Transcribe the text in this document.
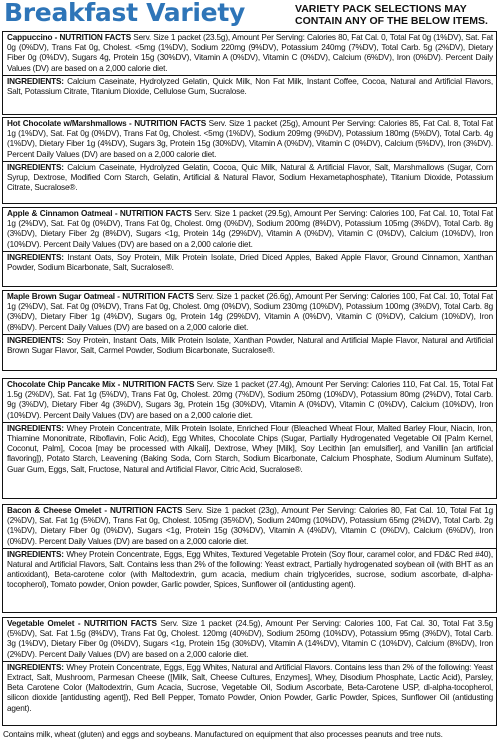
Breakfast Variety	VARIETY PACK SELECTIONS MAY CONTAIN ANY OF THE BELOW ITEMS.
Cappuccino - NUTRITION FACTS Serv. Size 1 packet (23.5g), Amount Per Serving: Calories 80, Fat Cal. 0, Total Fat 0g (1%DV), Sat. Fat 0g (0%DV), Trans Fat 0g, Cholest. <5mg (1%DV), Sodium 220mg (9%DV), Potassium 240mg (7%DV), Total Carb. 5g (2%DV), Dietary Fiber 0g (0%DV), Sugars 4g, Protein 15g (30%DV), Vitamin A (0%DV), Vitamin C (0%DV), Calcium (6%DV), Iron (0%DV). Percent Daily Values (DV) are based on a 2,000 calorie diet.
INGREDIENTS: Calcium Caseinate, Hydrolyzed Gelatin, Quick Milk, Non Fat Milk, Instant Coffee, Cocoa, Natural and Artificial Flavors, Salt, Potassium Citrate, Titanium Dioxide, Cellulose Gum, Sucralose.
Hot Chocolate w/Marshmallows - NUTRITION FACTS Serv. Size 1 packet (25g), Amount Per Serving: Calories 85, Fat Cal. 8, Total Fat 1g (1%DV), Sat. Fat 0g (0%DV), Trans Fat 0g, Cholest. <5mg (1%DV), Sodium 209mg (9%DV), Potassium 180mg (5%DV), Total Carb. 4g (1%DV), Dietary Fiber 1g (4%DV), Sugars 3g, Protein 15g (30%DV), Vitamin A (0%DV), Vitamin C (0%DV), Calcium (5%DV), Iron (3%DV). Percent Daily Values (DV) are based on a 2,000 calorie diet.
INGREDIENTS: Calcium Caseinate, Hydrolyzed Gelatin, Cocoa, Quic Milk, Natural & Artificial Flavor, Salt, Marshmallows (Sugar, Corn Syrup, Dextrose, Modified Corn Starch, Gelatin, Artificial & Natural Flavor, Sodium Hexametaphosphate), Titanium Dioxide, Potassium Citrate, Sucralose®.
Apple & Cinnamon Oatmeal - NUTRITION FACTS Serv. Size 1 packet (29.5g), Amount Per Serving: Calories 100, Fat Cal. 10, Total Fat 1g (2%DV), Sat. Fat 0g (0%DV), Trans Fat 0g, Cholest. 0mg (0%DV), Sodium 200mg (8%DV), Potassium 105mg (3%DV), Total Carb. 8g (3%DV), Dietary Fiber 2g (8%DV), Sugars <1g, Protein 14g (29%DV), Vitamin A (0%DV), Vitamin C (0%DV), Calcium (10%DV), Iron (10%DV). Percent Daily Values (DV) are based on a 2,000 calorie diet.
INGREDIENTS: Instant Oats, Soy Protein, Milk Protein Isolate, Dried Diced Apples, Baked Apple Flavor, Ground Cinnamon, Xanthan Powder, Sodium Bicarbonate, Salt, Sucralose®.
Maple Brown Sugar Oatmeal - NUTRITION FACTS Serv. Size 1 packet (26.6g), Amount Per Serving: Calories 100, Fat Cal. 10, Total Fat 1g (2%DV), Sat. Fat 0g (0%DV), Trans Fat 0g, Cholest. 0mg (0%DV), Sodium 230mg (10%DV), Potassium 100mg (3%DV), Total Carb. 8g (3%DV), Dietary Fiber 1g (4%DV), Sugars 0g, Protein 14g (29%DV), Vitamin A (0%DV), Vitamin C (0%DV), Calcium (10%DV), Iron (8%DV). Percent Daily Values (DV) are based on a 2,000 calorie diet.
INGREDIENTS: Soy Protein, Instant Oats, Milk Protein Isolate, Xanthan Powder, Natural and Artificial Maple Flavor, Natural and Artificial Brown Sugar Flavor, Salt, Carmel Powder, Sodium Bicarbonate, Sucralose®.
Chocolate Chip Pancake Mix - NUTRITION FACTS Serv. Size 1 packet (27.4g), Amount Per Serving: Calories 110, Fat Cal. 15, Total Fat 1.5g (2%DV), Sat. Fat 1g (5%DV), Trans Fat 0g, Cholest. 20mg (7%DV), Sodium 250mg (10%DV), Potassium 80mg (2%DV), Total Carb. 9g (3%DV), Dietary Fiber 4g (3%DV), Sugars 3g, Protein 15g (30%DV), Vitamin A (0%DV), Vitamin C (0%DV), Calcium (10%DV), Iron (10%DV). Percent Daily Values (DV) are based on a 2,000 calorie diet.
INGREDIENTS: Whey Protein Concentrate, Milk Protein Isolate, Enriched Flour (Bleached Wheat Flour, Malted Barley Flour, Niacin, Iron, Thiamine Mononitrate, Riboflavin, Folic Acid), Egg Whites, Chocolate Chips (Sugar, Partially Hydrogenated Vegetable Oil [Palm Kernel, Coconut, Palm], Cocoa [may be processed with Alkali], Dextrose, Whey [Milk], Soy Lecithin [an emulsifier], and Vanillin [an artificial flavoring]), Potato Starch, Leavening (Baking Soda, Corn Starch, Sodium Bicarbonate, Calcium Phosphate, Sodium Aluminum Sulfate), Guar Gum, Eggs, Salt, Fructose, Natural and Artificial Flavor, Citric Acid, Sucralose®.
Bacon & Cheese Omelet - NUTRITION FACTS Serv. Size 1 packet (23g), Amount Per Serving: Calories 80, Fat Cal. 10, Total Fat 1g (2%DV), Sat. Fat 1g (5%DV), Trans Fat 0g, Cholest. 105mg (35%DV), Sodium 240mg (10%DV), Potassium 65mg (2%DV), Total Carb. 2g (1%DV), Dietary Fiber 0g (0%DV), Sugars <1g, Protein 15g (30%DV), Vitamin A (4%DV), Vitamin C (0%DV), Calcium (6%DV), Iron (0%DV). Percent Daily Values (DV) are based on a 2,000 calorie diet.
INGREDIENTS: Whey Protein Concentrate, Eggs, Egg Whites, Textured Vegetable Protein (Soy flour, caramel color, and FD&C Red #40), Natural and Artificial Flavors, Salt. Contains less than 2% of the following: Yeast extract, Partially hydrogenated soybean oil (with BHT as an antioxidant), Beta-carotene color (with Maltodextrin, gum acacia, medium chain triglycerides, sucrose, sodium ascorbate, dl-alpha-tocopherol), Tomato powder, Onion powder, Garlic powder, Spices, Sunflower oil (antidusting agent).
Vegetable Omelet - NUTRITION FACTS Serv. Size 1 packet (24.5g), Amount Per Serving: Calories 100, Fat Cal. 30, Total Fat 3.5g (5%DV), Sat. Fat 1.5g (8%DV), Trans Fat 0g, Cholest. 120mg (40%DV), Sodium 250mg (10%DV), Potassium 95mg (3%DV), Total Carb. 3g (1%DV), Dietary Fiber 0g (0%DV), Sugars <1g, Protein 15g (30%DV), Vitamin A (14%DV), Vitamin C (10%DV), Calcium (8%DV), Iron (2%DV). Percent Daily Values (DV) are based on a 2,000 calorie diet.
INGREDIENTS: Whey Protein Concentrate, Eggs, Egg Whites, Natural and Artificial Flavors. Contains less than 2% of the following: Yeast Extract, Salt, Mushroom, Parmesan Cheese ([Milk, Salt, Cheese Cultures, Enzymes], Whey, Disodium Phosphate, Lactic Acid), Parsley, Beta Carotene Color (Maltodextrin, Gum Acacia, Sucrose, Vegetable Oil, Sodium Ascorbate, Beta-Carotene USP, dl-alpha-tocopherol, silicon dioxide [antidusting agent]), Red Bell Pepper, Tomato Powder, Onion Powder, Garlic Powder, Spices, Sunflower Oil (antidusting agent).
Contains milk, wheat (gluten) and eggs and soybeans. Manufactured on equipment that also processes peanuts and tree nuts.
